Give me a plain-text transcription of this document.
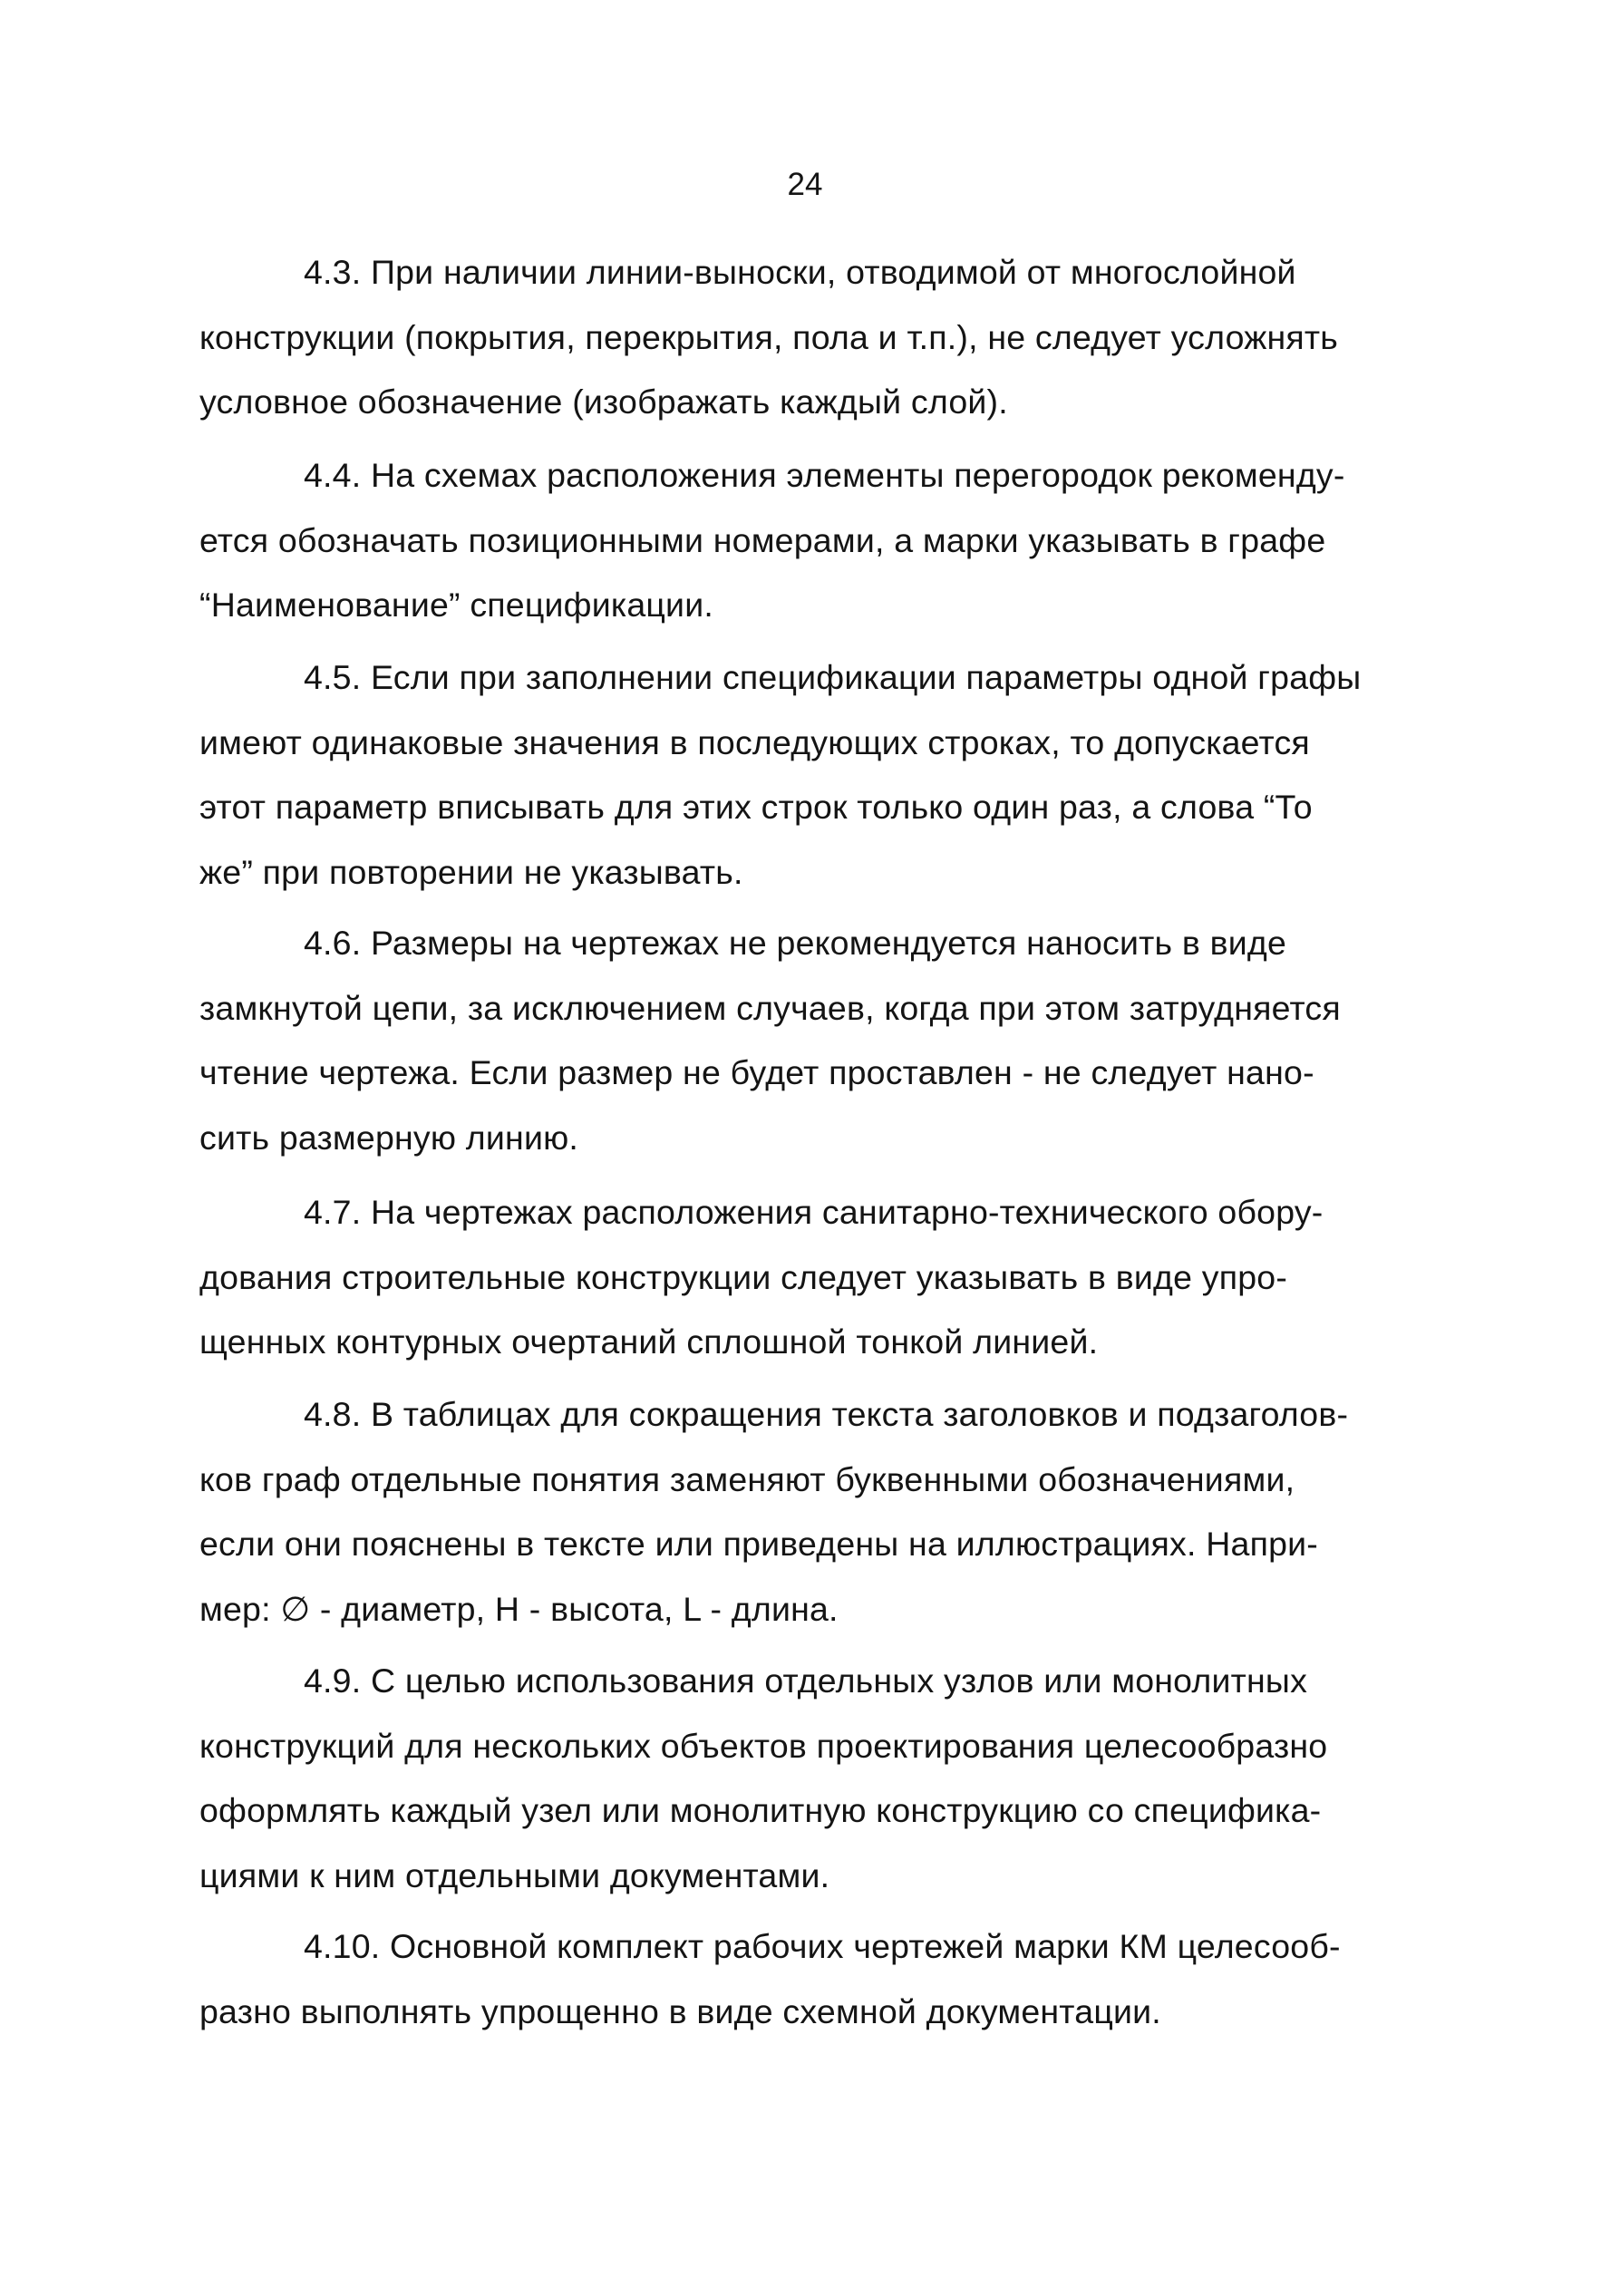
24
4.3. При наличии линии-выноски, отводимой от многослойной
конструкции (покрытия, перекрытия, пола и т.п.), не следует усложнять
условное обозначение (изображать каждый слой).
4.4. На схемах расположения элементы перегородок рекоменду-
ется обозначать позиционными номерами, а марки указывать в графе
“Наименование” спецификации.
4.5. Если при заполнении спецификации параметры одной графы
имеют одинаковые значения в последующих строках, то допускается
этот параметр вписывать для этих строк только один раз, а слова “То
же” при повторении не указывать.
4.6. Размеры на чертежах не рекомендуется наносить в виде
замкнутой цепи, за исключением случаев, когда при этом затрудняется
чтение чертежа. Если размер не будет проставлен - не следует нано-
сить размерную линию.
4.7. На чертежах расположения санитарно-технического обору-
дования строительные конструкции следует указывать в виде упро-
щенных контурных очертаний сплошной тонкой линией.
4.8. В таблицах для сокращения текста заголовков и подзаголов-
ков граф отдельные понятия заменяют буквенными обозначениями,
если они пояснены в тексте или приведены на иллюстрациях. Напри-
мер: ∅ - диаметр, Н - высота, L - длина.
4.9. С целью использования отдельных узлов или монолитных
конструкций для нескольких объектов проектирования целесообразно
оформлять каждый узел или монолитную конструкцию со специфика-
циями к ним отдельными документами.
4.10. Основной комплект рабочих чертежей марки КМ целесооб-
разно выполнять упрощенно в виде схемной документации.
